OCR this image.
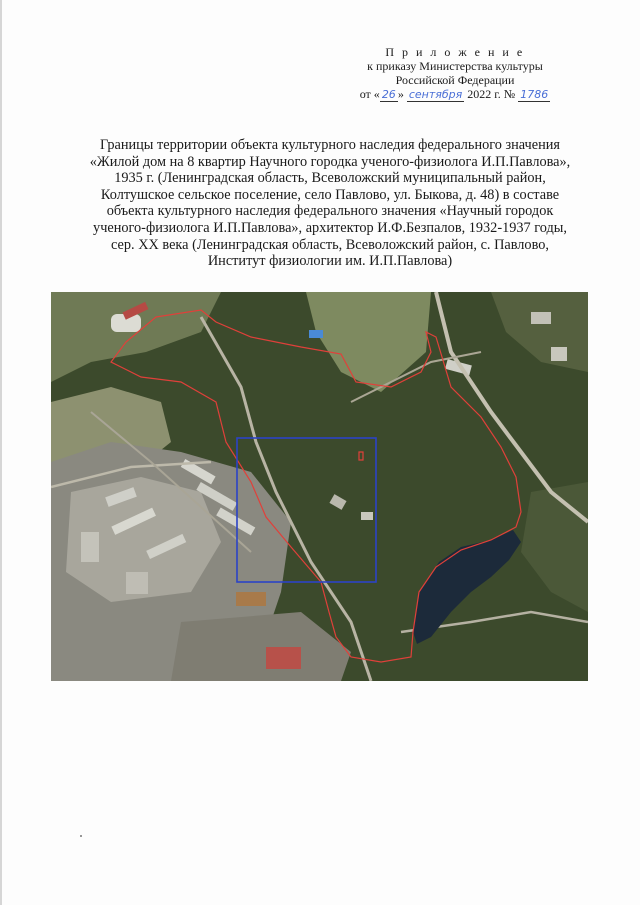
П р и л о ж е н и е
к приказу Министерства культуры
Российской Федерации
от « 26 » сентября 2022 г. № 1786
Границы территории объекта культурного наследия федерального значения
«Жилой дом на 8 квартир Научного городка ученого-физиолога И.П.Павлова»,
1935 г. (Ленинградская область, Всеволожский муниципальный район,
Колтушское сельское поселение, село Павлово, ул. Быкова, д. 48) в составе
объекта культурного наследия федерального значения «Научный городок
ученого-физиолога И.П.Павлова», архитектор И.Ф.Безпалов, 1932-1937 годы,
сер. XX века (Ленинградская область, Всеволожский район, с. Павлово,
Институт физиологии им. И.П.Павлова)
